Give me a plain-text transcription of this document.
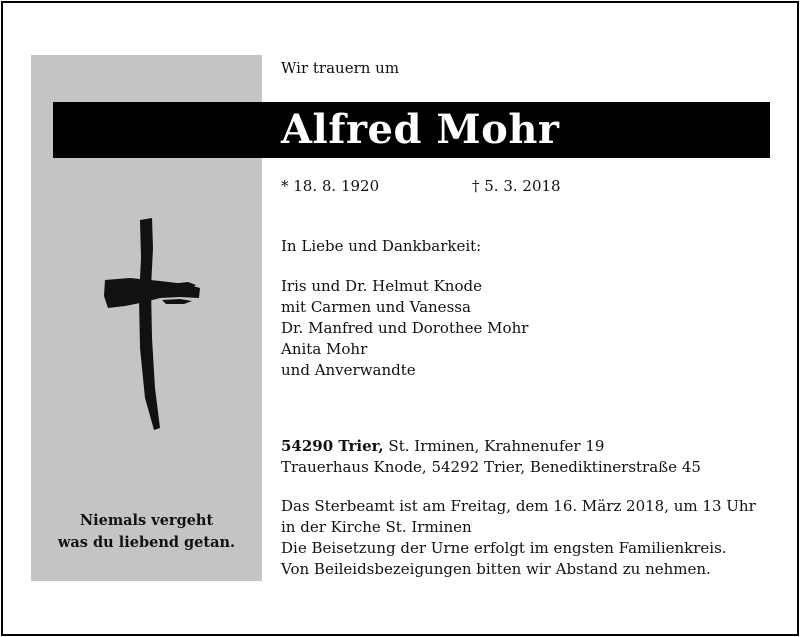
Niemals vergeht
was du liebend getan.
Wir trauern um
Alfred Mohr
* 18. 8. 1920	† 5. 3. 2018
In Liebe und Dankbarkeit:
Iris und Dr. Helmut Knode
mit Carmen und Vanessa
Dr. Manfred und Dorothee Mohr
Anita Mohr
und Anverwandte
54290 Trier, St. Irminen, Krahnenufer 19
Trauerhaus Knode, 54292 Trier, Benediktinerstraße 45
Das Sterbeamt ist am Freitag, dem 16. März 2018, um 13 Uhr
in der Kirche St. Irminen
Die Beisetzung der Urne erfolgt im engsten Familienkreis.
Von Beileidsbezeigungen bitten wir Abstand zu nehmen.
